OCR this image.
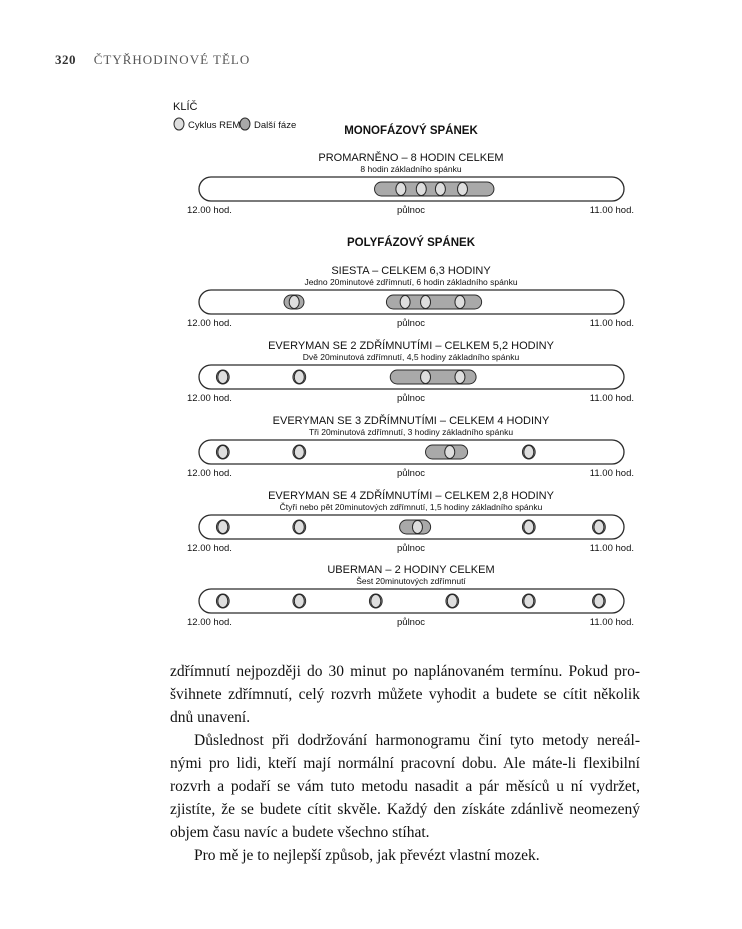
320 ČTYŘHODINOVÉ TĚLO
KLÍČ
Cyklus REM Další fáze	MONOFÁZOVÝ SPÁNEK
POLYFÁZOVÝ SPÁNEK
PROMARNĚNO – 8 HODIN CELKEM
8 hodin základního spánku
12.00 hod.	půlnoc	11.00 hod.
SIESTA – CELKEM 6,3 HODINY
Jedno 20minutové zdřímnutí, 6 hodin základního spánku
12.00 hod.	půlnoc	11.00 hod.
EVERYMAN SE 2 ZDŘÍMNUTÍMI – CELKEM 5,2 HODINY
Dvě 20minutová zdřímnutí, 4,5 hodiny základního spánku
12.00 hod.	půlnoc	11.00 hod.
EVERYMAN SE 3 ZDŘÍMNUTÍMI – CELKEM 4 HODINY
Tři 20minutová zdřímnutí, 3 hodiny základního spánku
12.00 hod.	půlnoc	11.00 hod.
EVERYMAN SE 4 ZDŘÍMNUTÍMI – CELKEM 2,8 HODINY
Čtyři nebo pět 20minutových zdřímnutí, 1,5 hodiny základního spánku
12.00 hod.	půlnoc	11.00 hod.
UBERMAN – 2 HODINY CELKEM
Šest 20minutových zdřímnutí
12.00 hod.	půlnoc	11.00 hod.

zdřímnutí nejpozději do 30 minut po naplánovaném termínu. Pokud pro-švihnete zdřímnutí, celý rozvrh můžete vyhodit a budete se cítit několik dnů unavení.

Důslednost při dodržování harmonogramu činí tyto metody nereál-nými pro lidi, kteří mají normální pracovní dobu. Ale máte-li flexibilní rozvrh a podaří se vám tuto metodu nasadit a pár měsíců u ní vydržet, zjistíte, že se budete cítit skvěle. Každý den získáte zdánlivě neomezený objem času navíc a budete všechno stíhat.

Pro mě je to nejlepší způsob, jak převézt vlastní mozek.
